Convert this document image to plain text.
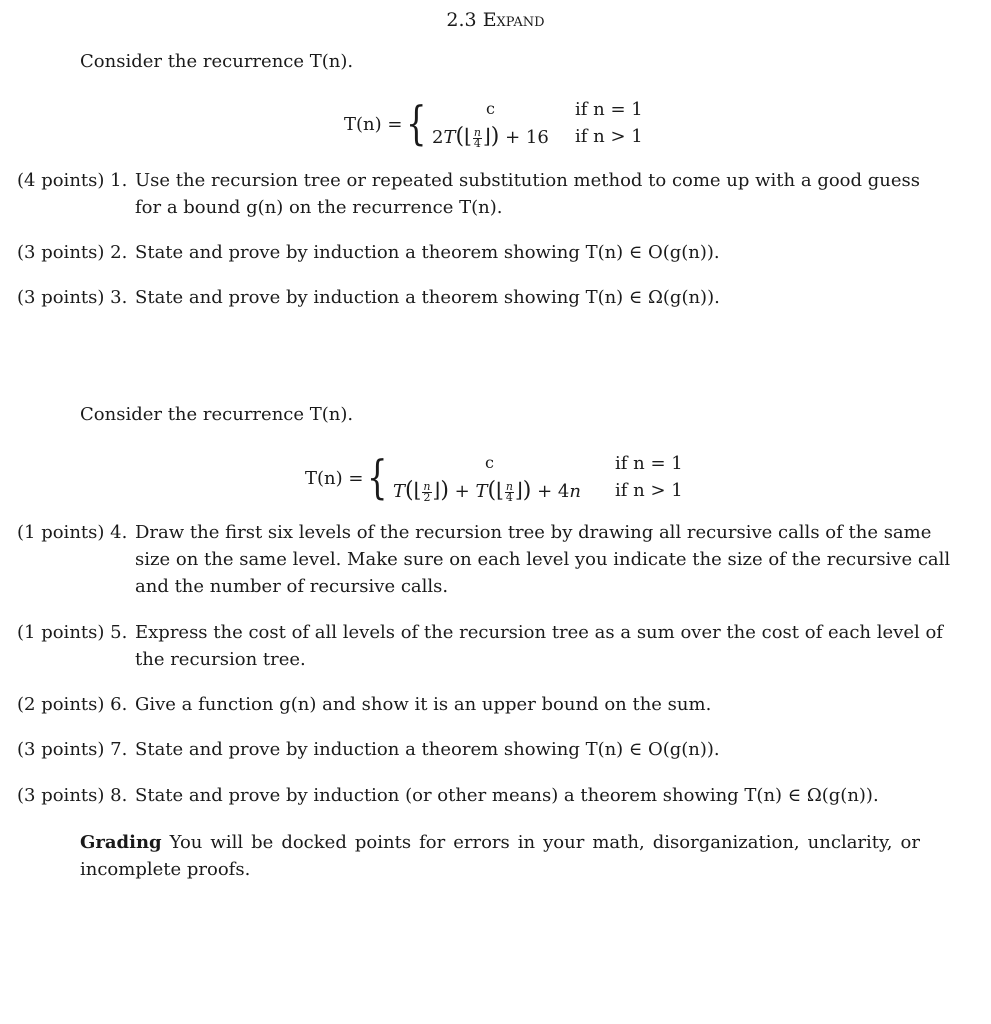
2.3 Expand
Consider the recurrence T(n).
T(n) = {	c	if n = 1
2T(⌊ $\frac{n}{4}$ ⌋) + 16 if n > 1
(4 points) 1. Use the recursion tree or repeated substitution method to come up with a good guess
for a bound g(n) on the recurrence T(n).
(3 points) 2. State and prove by induction a theorem showing T(n) ∈ O(g(n)).
(3 points) 3. State and prove by induction a theorem showing T(n) ∈ Ω(g(n)).
Consider the recurrence T(n).
T(n) = {	c	if n = 1
T(⌊ $\frac{n}{2}$ ⌋) + T(⌊ $\frac{n}{4}$ ⌋) + 4n if n > 1
(1 points) 4. Draw the first six levels of the recursion tree by drawing all recursive calls of the same
size on the same level. Make sure on each level you indicate the size of the recursive call
and the number of recursive calls.
(1 points) 5. Express the cost of all levels of the recursion tree as a sum over the cost of each level of
the recursion tree.
(2 points) 6. Give a function g(n) and show it is an upper bound on the sum.
(3 points) 7. State and prove by induction a theorem showing T(n) ∈ O(g(n)).
(3 points) 8. State and prove by induction (or other means) a theorem showing T(n) ∈ Ω(g(n)).
Grading You will be docked points for errors in your math, disorganization, unclarity, or incomplete proofs.
